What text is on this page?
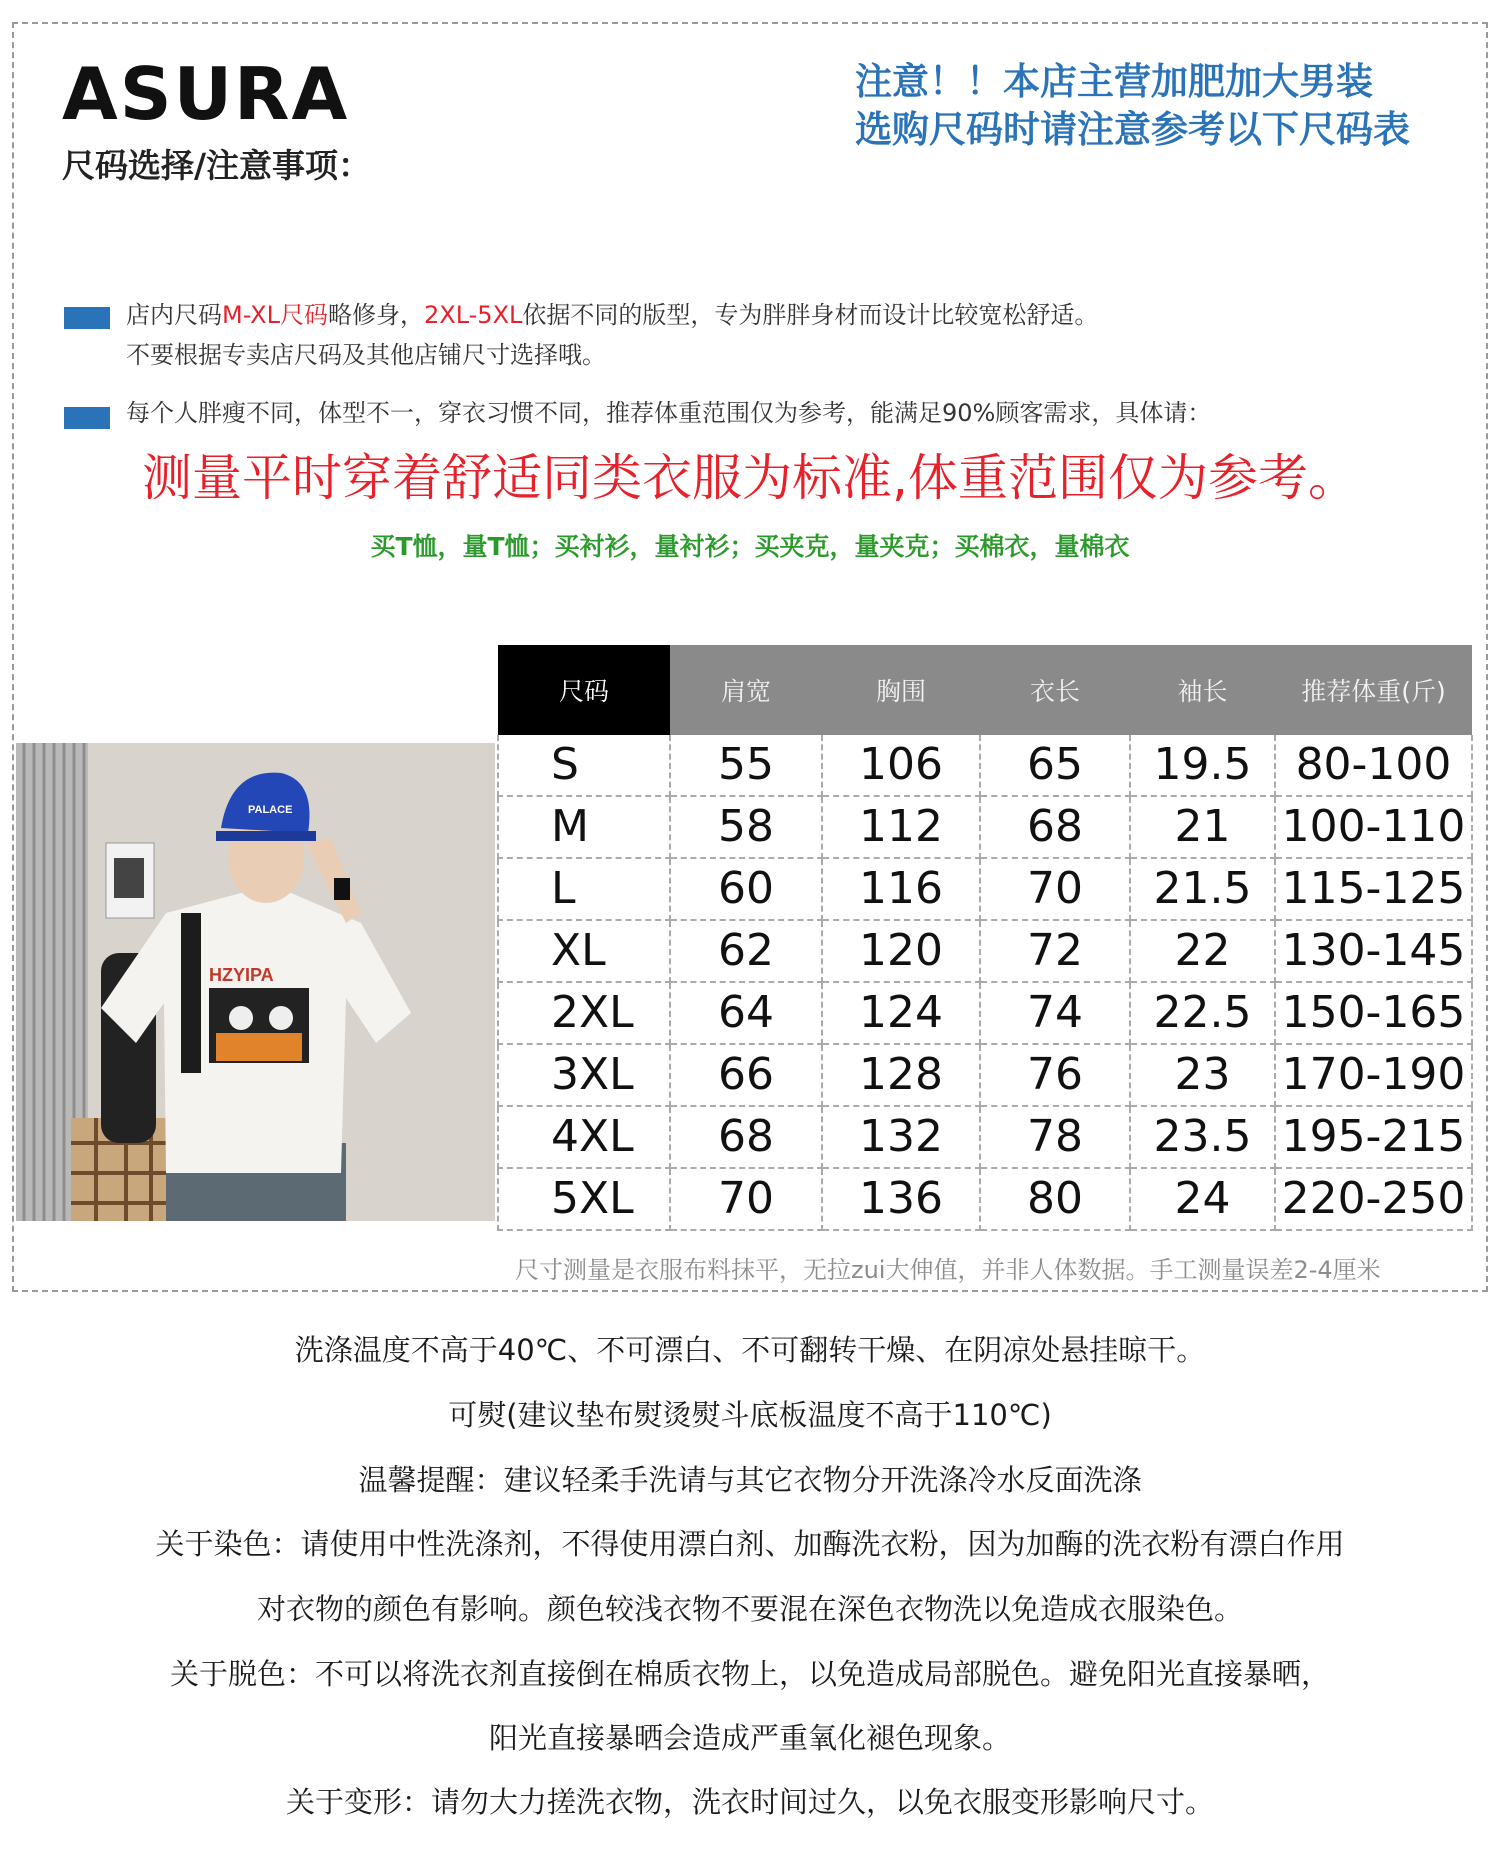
ASURA
尺码选择/注意事项：
注意！！本店主营加肥加大男装
选购尺码时请注意参考以下尺码表
店内尺码M-XL尺码略修身，2XL-5XL依据不同的版型，专为胖胖身材而设计比较宽松舒适。
不要根据专卖店尺码及其他店铺尺寸选择哦。
每个人胖瘦不同，体型不一，穿衣习惯不同，推荐体重范围仅为参考，能满足90%顾客需求，具体请：
测量平时穿着舒适同类衣服为标准,体重范围仅为参考。
买T恤，量T恤；买衬衫，量衬衫；买夹克，量夹克；买棉衣，量棉衣
HZYIPA
PALACE
尺码	肩宽	胸围	衣长	袖长	推荐体重(斤)
S	55	106	65	19.5	80-100
M	58	112	68	21	100-110
L	60	116	70	21.5	115-125
XL	62	120	72	22	130-145
2XL	64	124	74	22.5	150-165
3XL	66	128	76	23	170-190
4XL	68	132	78	23.5	195-215
5XL	70	136	80	24	220-250
尺寸测量是衣服布料抹平，无拉zui大伸值，并非人体数据。手工测量误差2-4厘米
洗涤温度不高于40℃、不可漂白、不可翻转干燥、在阴凉处悬挂晾干。
可熨(建议垫布熨烫熨斗底板温度不高于110℃)
温馨提醒：建议轻柔手洗请与其它衣物分开洗涤冷水反面洗涤
关于染色：请使用中性洗涤剂，不得使用漂白剂、加酶洗衣粉，因为加酶的洗衣粉有漂白作用
对衣物的颜色有影响。颜色较浅衣物不要混在深色衣物洗以免造成衣服染色。
关于脱色：不可以将洗衣剂直接倒在棉质衣物上，以免造成局部脱色。避免阳光直接暴晒，
阳光直接暴晒会造成严重氧化褪色现象。
关于变形：请勿大力搓洗衣物，洗衣时间过久，以免衣服变形影响尺寸。
